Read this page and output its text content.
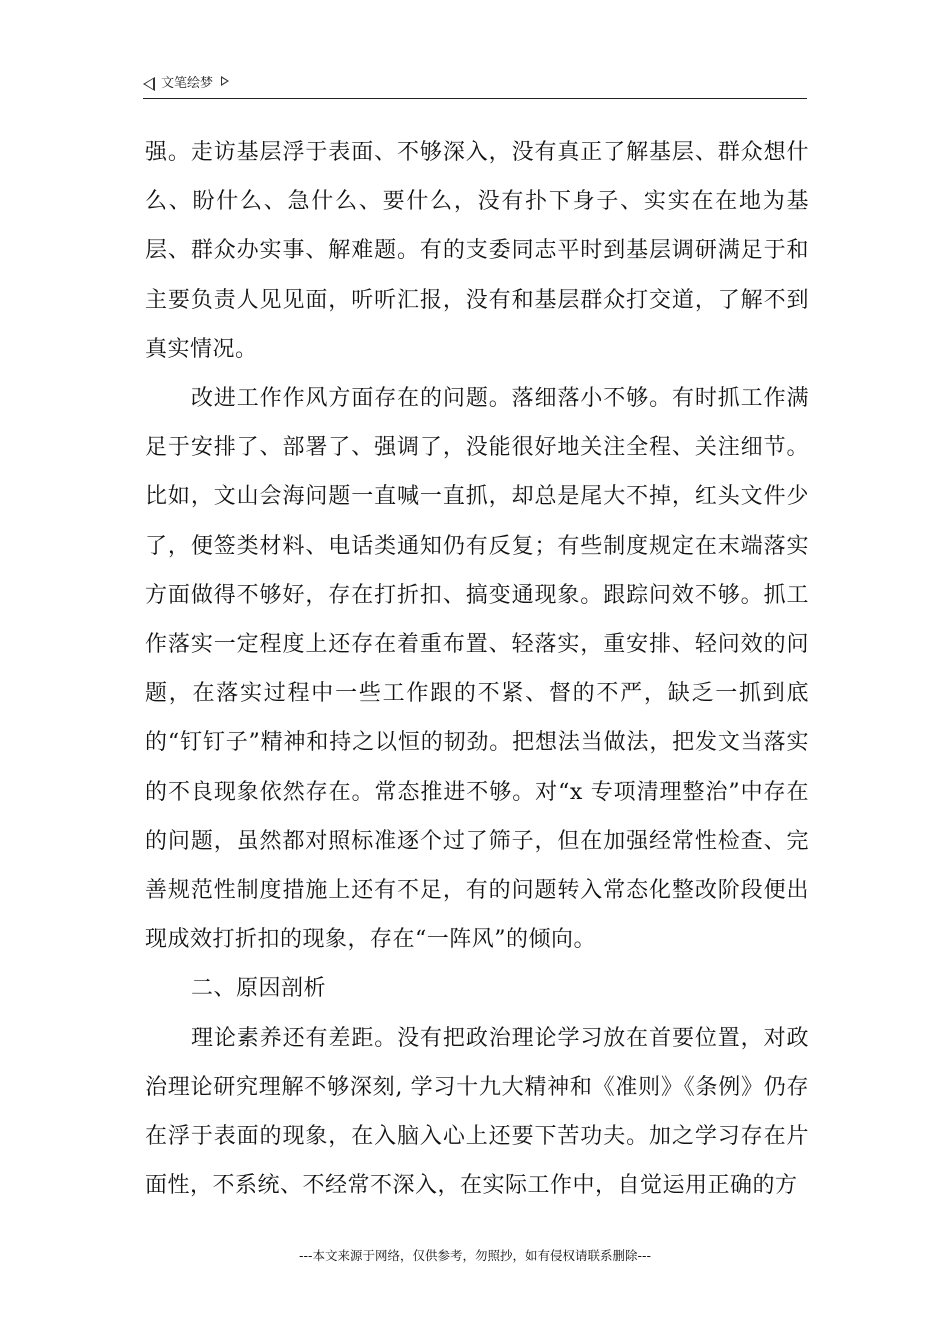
文笔绘梦

强。走访基层浮于表面、不够深入，没有真正了解基层、群众想什么、盼什么、急什么、要什么，没有扑下身子、实实在在地为基层、群众办实事、解难题。有的支委同志平时到基层调研满足于和主要负责人见见面，听听汇报，没有和基层群众打交道，了解不到真实情况。

改进工作作风方面存在的问题。落细落小不够。有时抓工作满足于安排了、部署了、强调了，没能很好地关注全程、关注细节。比如，文山会海问题一直喊一直抓，却总是尾大不掉，红头文件少了，便签类材料、电话类通知仍有反复；有些制度规定在末端落实方面做得不够好，存在打折扣、搞变通现象。跟踪问效不够。抓工作落实一定程度上还存在着重布置、轻落实，重安排、轻问效的问题，在落实过程中一些工作跟的不紧、督的不严，缺乏一抓到底的“钉钉子”精神和持之以恒的韧劲。把想法当做法，把发文当落实的不良现象依然存在。常态推进不够。对“x 专项清理整治”中存在的问题，虽然都对照标准逐个过了筛子，但在加强经常性检查、完善规范性制度措施上还有不足，有的问题转入常态化整改阶段便出现成效打折扣的现象，存在“一阵风”的倾向。

二、原因剖析

理论素养还有差距。没有把政治理论学习放在首要位置，对政治理论研究理解不够深刻, 学习十九大精神和《准则》《条例》仍存在浮于表面的现象，在入脑入心上还要下苦功夫。加之学习存在片面性，不系统、不经常不深入，在实际工作中，自觉运用正确的方

---本文来源于网络，仅供参考，勿照抄，如有侵权请联系删除---
